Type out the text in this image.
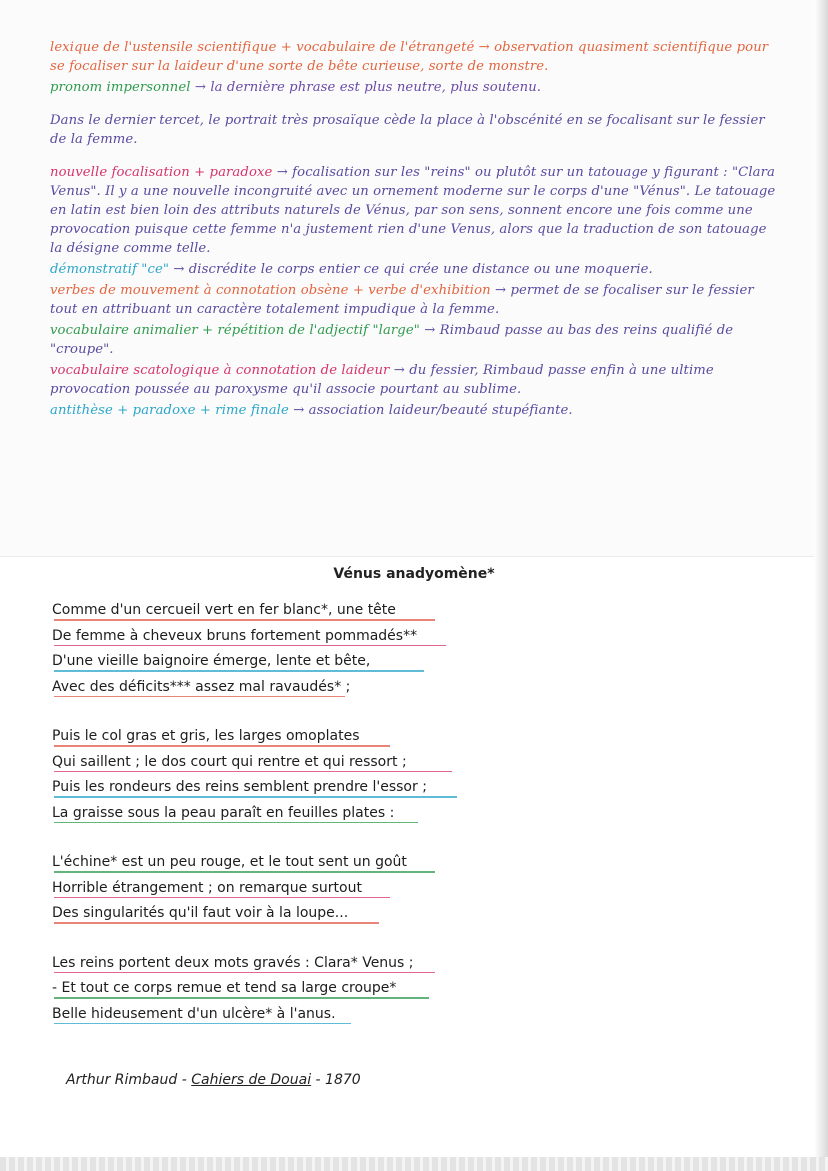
lexique de l'ustensile scientifique + vocabulaire de l'étrangeté → observation quasiment scientifique pour se focaliser sur la laideur d'une sorte de bête curieuse, sorte de monstre.

pronom impersonnel → la dernière phrase est plus neutre, plus soutenu.

Dans le dernier tercet, le portrait très prosaïque cède la place à l'obscénité en se focalisant sur le fessier de la femme.

nouvelle focalisation + paradoxe → focalisation sur les "reins" ou plutôt sur un tatouage y figurant : "Clara Venus". Il y a une nouvelle incongruité avec un ornement moderne sur le corps d'une "Vénus". Le tatouage en latin est bien loin des attributs naturels de Vénus, par son sens, sonnent encore une fois comme une provocation puisque cette femme n'a justement rien d'une Venus, alors que la traduction de son tatouage la désigne comme telle.

démonstratif "ce" → discrédite le corps entier ce qui crée une distance ou une moquerie.

verbes de mouvement à connotation obsène + verbe d'exhibition → permet de se focaliser sur le fessier tout en attribuant un caractère totalement impudique à la femme.

vocabulaire animalier + répétition de l'adjectif "large" → Rimbaud passe au bas des reins qualifié de "croupe".

vocabulaire scatologique à connotation de laideur → du fessier, Rimbaud passe enfin à une ultime provocation poussée au paroxysme qu'il associe pourtant au sublime.

antithèse + paradoxe + rime finale → association laideur/beauté stupéfiante.

Vénus anadyomène*
Comme d'un cercueil vert en fer blanc*, une tête
De femme à cheveux bruns fortement pommadés**
D'une vieille baignoire émerge, lente et bête,
Avec des déficits*** assez mal ravaudés* ;
Puis le col gras et gris, les larges omoplates
Qui saillent ; le dos court qui rentre et qui ressort ;
Puis les rondeurs des reins semblent prendre l'essor ;
La graisse sous la peau paraît en feuilles plates :
L'échine* est un peu rouge, et le tout sent un goût
Horrible étrangement ; on remarque surtout
Des singularités qu'il faut voir à la loupe...
Les reins portent deux mots gravés : Clara* Venus ;
- Et tout ce corps remue et tend sa large croupe*
Belle hideusement d'un ulcère* à l'anus.
Arthur Rimbaud - Cahiers de Douai - 1870
